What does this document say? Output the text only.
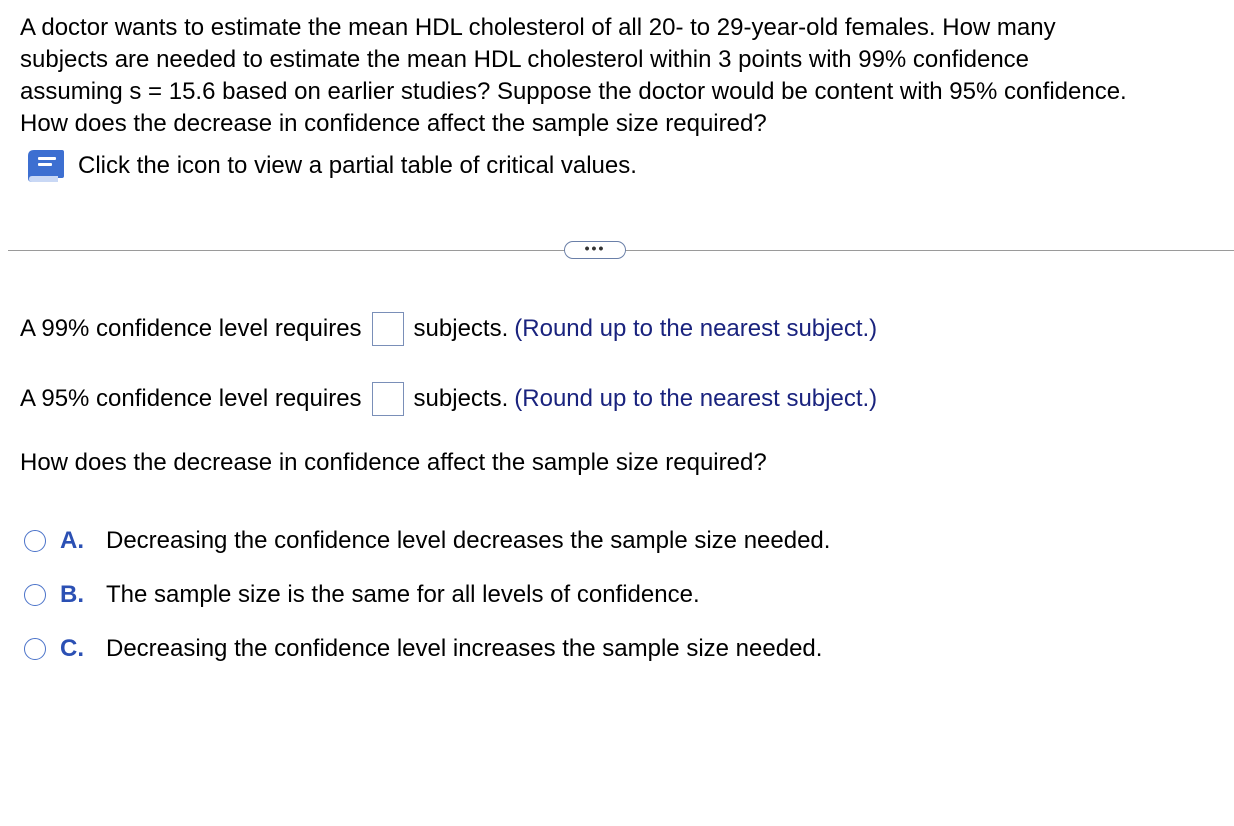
A doctor wants to estimate the mean HDL cholesterol of all 20- to 29-year-old females. How many

subjects are needed to estimate the mean HDL cholesterol within 3 points with 99% confidence

assuming s = 15.6 based on earlier studies? Suppose the doctor would be content with 95% confidence.

How does the decrease in confidence affect the sample size required?

Click the icon to view a partial table of critical values.
•••
A 99% confidence level requires subjects. (Round up to the nearest subject.)
A 95% confidence level requires subjects. (Round up to the nearest subject.)
How does the decrease in confidence affect the sample size required?
A. Decreasing the confidence level decreases the sample size needed.
B. The sample size is the same for all levels of confidence.
C. Decreasing the confidence level increases the sample size needed.
